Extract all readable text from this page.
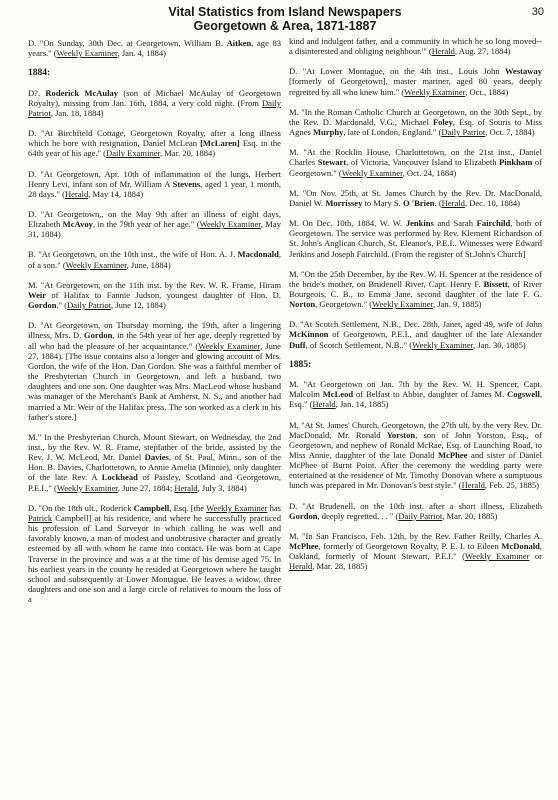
Vital Statistics from Island Newspapers
Georgetown & Area, 1871-1887
30

D. "On Sunday, 30th Dec. at Georgetown, William B. Aitken, age 83 years." (Weekly Examiner, Jan. 4, 1884)

1884:

D?. Roderick McAulay (son of Michael McAulay of Georgetown Royalty), missing from Jan. 16th, 1884, a very cold night. (From Daily Patriot, Jan. 18, 1884)

D. "At Birchfield Cottage, Georgetown Royalty, after a long illness which he bore with resignation, Daniel McLean [McLaren] Esq. in the 64th year of his age." (Daily Examiner, Mar. 20, 1884)

D. "At Georgetown, Apr. 10th of inflammation of the lungs, Herbert Henry Levi, infant son of Mr. William A Stevens, aged 1 year, 1 month, 28 days." (Herald, May 14, 1884)

D. "At Georgetown,, on the May 9th after an illness of eight days, Elizabeth McAvoy, in the 79th year of her age." (Weekly Examiner, May 31, 1884)

B. "At Georgetown, on the 10th inst., the wife of Hon. A. J. Macdonald, of a son." (Weekly Examiner, June, 1884)

M. "At Georgetown, on the 11th inst. by the Rev. W. R. Frame, Hiram Weir of Halifax to Fannie Judson, youngest daughter of Hon. D. Gordon." (Daily Patriot, June 12, 1884)

D. "At Georgetown, on Thursday morning, the 19th, after a lingering illness, Mrs. D. Gordon, in the 54th year of her age, deeply regretted by all who had the pleasure of her acquaintance." (Weekly Examiner, June 27, 1884). [The issue contains also a longer and glowing account of Mrs. Gordon, the wife of the Hon. Dan Gordon. She was a faithful member of the Presbyterian Church in Georgetown, and left a husband, two daughters and one son. One daughter was Mrs. MacLeod whose husband was manager of the Merchant's Bank at Amherst, N. S., and another had married a Mr. Weir of the Halifax press. The son worked as a clerk in his father's store.]

M." In the Presbyterian Church, Mount Stewart, on Wednesday, the 2nd inst., by the Rev. W. R. Frame, stepfather of the bride, assisted by the Rev. J. W. McLeod, Mr. Daniel Davies, of St. Paul, Minn., son of the Hon. B. Davies, Charlottetown, to Annie Amelia (Minnie), only daughter of the late Rev. A Lockhead of Paisley, Scotland and Georgetown, P.E.I.," (Weekly Examiner, June 27, 1884; Herald, July 3, 1884)

D. "On the 18th ult., Roderick Campbell, Esq. [the Weekly Examiner has Patrick Campbell] at his residence, and where he successfully practiced his profession of Land Surveyor in which calling he was well and favorably known, a man of modest and unobtrusive character and greatly esteemed by all with whom he came into contact. He was born at Cape Traverse in the province and was a at the time of his demise aged 75. In his earliest years in the county he resided at Georgetown where he taught school and subsequently at Lower Montague. He leaves a widow, three daughters and one son and a large circle of relatives to mourn the loss of a

kind and indulgent father, and a community in which he so long moved-- a disinterested and obliging neighbour."' (Herald, Aug. 27, 1884)

D. "At Lower Montague, on the 4th inst., Louis John Westaway [formerly of Georgetown], master mariner, aged 80 years, deeply regretted by all who knew him." (Weekly Examiner, Oct., 1884)

M. "In the Roman Catholic Church at Georgetown, on the 30th Sept., by the Rev. D. Macdonald, V.G., Michael Foley, Esq. of Souris to Miss Agnes Murphy, late of London, England." (Daily Patriot, Oct. 7, 1884)

M. "At the Rocklin House, Charlottetown, on the 21st inst., Daniel Charles Stewart, of Victoria, Vancouver Island to Elizabeth Pinkham of Georgetown." (Weekly Examiner, Oct. 24, 1884)

M. "On Nov. 25th, at St. James Church by the Rev. Dr. MacDonald, Daniel W. Morrissey to Mary S. O 'Brien. (Herald, Dec. 10, 1884)

M. On Dec. 10th, 1884, W. W. Jenkins and Sarah Fairchild, both of Georgetown. The service was performed by Rev. Klement Richardson of St. John's Anglican Church, St. Eleanor's, P.E.I.. Witnesses were Edward Jenkins and Joseph Fairchild. (From the register of St.John's Church]

M. "On the 25th December, by the Rev. W. H. Spencer at the residence of the bride's mother, on Brudenell River, Capt. Henry F. Bissett, of River Bourgeois, C. B., to Emma Jane, second daughter of the late F. G. Norton, Georgetown." (Weekly Examiner, Jan. 9, 1885)

D. "At Scotch Settlement, N.B., Dec. 28th, Janet, aged 49, wife of John McKinnon of Georgetown, P.E.I., and daughter of the late Alexander Duff, of Scotch Settlement, N.B.." (Weekly Examiner, Jan. 30, 1885)

1885:

M. "At Georgetown on Jan. 7th by the Rev. W. H. Spencer, Capt. Malcolm McLeod of Belfast to Abbie, daughter of James M. Cogswell, Esq." (Herald, Jan. 14, 1885)

M. "At St. James' Church, Georgetown, the 27th ult, by the very Rev. Dr. MacDonald, Mr. Ronald Yorston, son of John Yorston, Esq., of Georgetown, and nephew of Ronald McRae, Esq. of Launching Road, to Miss Annie, daughter of the late Donald McPhee and sister of Daniel McPhee of Burnt Point. After the ceremony the wedding party were entertained at the residence of Mr. Timothy Donovan where a sumptuous lunch was prepared in Mr. Donovan's best style." (Herald, Feb. 25, 1885)

D. "At Brudenell, on the 10th inst. after a short illness, Elizabeth Gordon, deeply regretted. . . " (Daily Patriot, Mar. 20, 1885)

M. "In San Francisco, Feb. 12th, by the Rev. Father Reilly, Charles A. McPhee, formerly of Georgetown Royalty, P. E. I. to Eileen McDonald, Oakland, formerly of Mount Stewart, P.E.I." (Weekly Examiner or Herald, Mar. 28, 1885)
